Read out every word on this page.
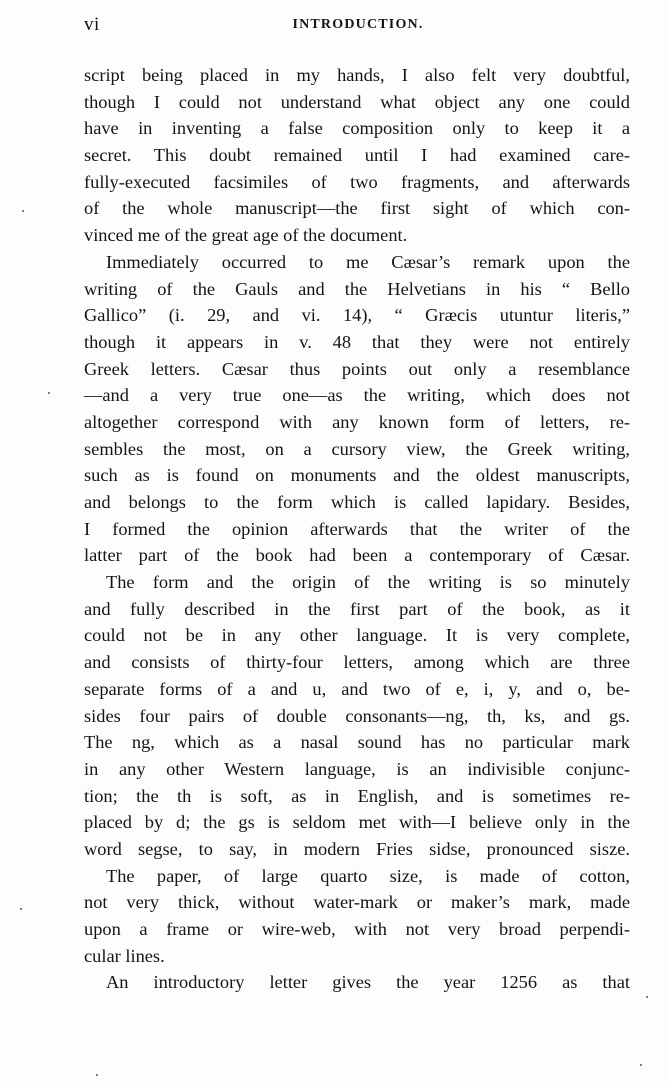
vi	INTRODUCTION.
script being placed in my hands, I also felt very doubtful,
though I could not understand what object any one could
have in inventing a false composition only to keep it a
secret. This doubt remained until I had examined care-
fully-executed facsimiles of two fragments, and afterwards
of the whole manuscript—the first sight of which con-
vinced me of the great age of the document.
Immediately occurred to me Cæsar’s remark upon the
writing of the Gauls and the Helvetians in his “ Bello
Gallico” (i. 29, and vi. 14), “ Græcis utuntur literis,”
though it appears in v. 48 that they were not entirely
Greek letters. Cæsar thus points out only a resemblance
—and a very true one—as the writing, which does not
altogether correspond with any known form of letters, re-
sembles the most, on a cursory view, the Greek writing,
such as is found on monuments and the oldest manuscripts,
and belongs to the form which is called lapidary. Besides,
I formed the opinion afterwards that the writer of the
latter part of the book had been a contemporary of Cæsar.
The form and the origin of the writing is so minutely
and fully described in the first part of the book, as it
could not be in any other language. It is very complete,
and consists of thirty-four letters, among which are three
separate forms of a and u, and two of e, i, y, and o, be-
sides four pairs of double consonants—ng, th, ks, and gs.
The ng, which as a nasal sound has no particular mark
in any other Western language, is an indivisible conjunc-
tion; the th is soft, as in English, and is sometimes re-
placed by d; the gs is seldom met with—I believe only in the
word segse, to say, in modern Fries sidse, pronounced sisze.
The paper, of large quarto size, is made of cotton,
not very thick, without water-mark or maker’s mark, made
upon a frame or wire-web, with not very broad perpendi-
cular lines.
An introductory letter gives the year 1256 as that
